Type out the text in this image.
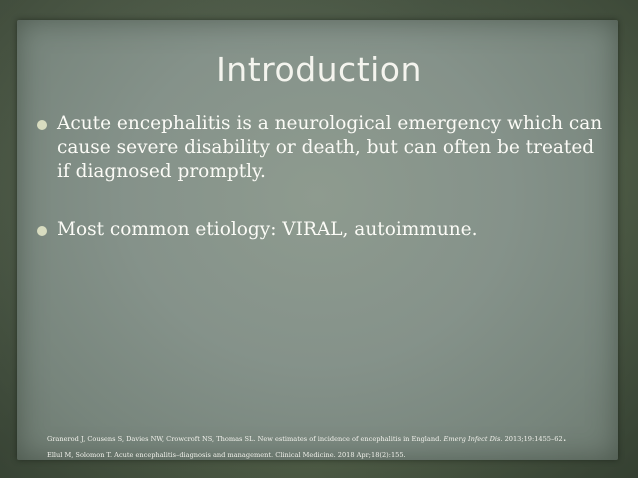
Introduction
Acute encephalitis is a neurological emergency which can cause severe disability or death, but can often be treated if diagnosed promptly.
Most common etiology: VIRAL, autoimmune.
Granerod J, Cousens S, Davies NW, Crowcroft NS, Thomas SL. New estimates of incidence of encephalitis in England. Emerg Infect Dis. 2013;19:1455–62.
Ellul M, Solomon T. Acute encephalitis–diagnosis and management. Clinical Medicine. 2018 Apr;18(2):155.
